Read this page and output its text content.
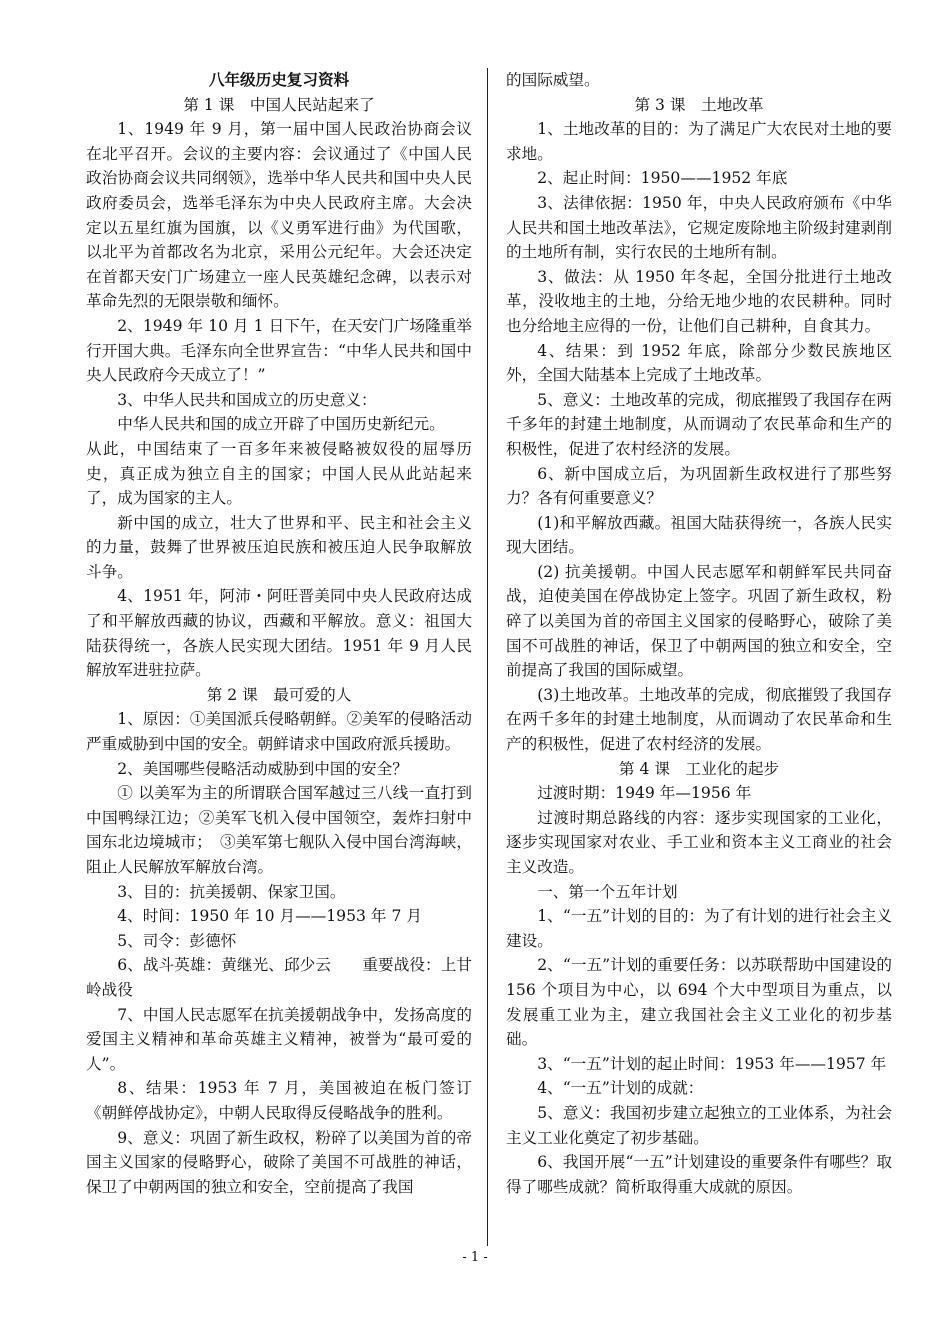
八年级历史复习资料

第 1 课　中国人民站起来了

1、1949 年 9 月，第一届中国人民政治协商会议在北平召开。会议的主要内容：会议通过了《中国人民政治协商会议共同纲领》，选举中华人民共和国中央人民政府委员会，选举毛泽东为中央人民政府主席。大会决定以五星红旗为国旗，以《义勇军进行曲》为代国歌，以北平为首都改名为北京，采用公元纪年。大会还决定在首都天安门广场建立一座人民英雄纪念碑，以表示对革命先烈的无限崇敬和缅怀。

2、1949 年 10 月 1 日下午，在天安门广场隆重举行开国大典。毛泽东向全世界宣告：“中华人民共和国中央人民政府今天成立了！”

3、中华人民共和国成立的历史意义：

中华人民共和国的成立开辟了中国历史新纪元。

从此，中国结束了一百多年来被侵略被奴役的屈辱历史，真正成为独立自主的国家；中国人民从此站起来了，成为国家的主人。

新中国的成立，壮大了世界和平、民主和社会主义的力量，鼓舞了世界被压迫民族和被压迫人民争取解放斗争。

4、1951 年，阿沛・阿旺晋美同中央人民政府达成了和平解放西藏的协议，西藏和平解放。意义：祖国大陆获得统一，各族人民实现大团结。1951 年 9 月人民解放军进驻拉萨。

第 2 课　最可爱的人

1、原因：①美国派兵侵略朝鲜。②美军的侵略活动严重威胁到中国的安全。朝鲜请求中国政府派兵援助。

2、美国哪些侵略活动威胁到中国的安全？

① 以美军为主的所谓联合国军越过三八线一直打到中国鸭绿江边；②美军飞机入侵中国领空，轰炸扫射中国东北边境城市；　③美军第七舰队入侵中国台湾海峡，阻止人民解放军解放台湾。

3、目的：抗美援朝、保家卫国。

4、时间：1950 年 10 月——1953 年 7 月

5、司令：彭德怀

6、战斗英雄：黄继光、邱少云　　重要战役：上甘岭战役

7、中国人民志愿军在抗美援朝战争中，发扬高度的爱国主义精神和革命英雄主义精神，被誉为“最可爱的人”。

8、结果：1953 年 7 月，美国被迫在板门签订《朝鲜停战协定》，中朝人民取得反侵略战争的胜利。

9、意义：巩固了新生政权，粉碎了以美国为首的帝国主义国家的侵略野心，破除了美国不可战胜的神话，保卫了中朝两国的独立和安全，空前提高了我国

的国际威望。

第 3 课　土地改革

1、土地改革的目的：为了满足广大农民对土地的要求地。

2、起止时间：1950——1952 年底

3、法律依据：1950 年，中央人民政府颁布《中华人民共和国土地改革法》，它规定废除地主阶级封建剥削的土地所有制，实行农民的土地所有制。

3、做法：从 1950 年冬起，全国分批进行土地改革，没收地主的土地，分给无地少地的农民耕种。同时也分给地主应得的一份，让他们自己耕种，自食其力。

4、结果：到 1952 年底，除部分少数民族地区外，全国大陆基本上完成了土地改革。

5、意义：土地改革的完成，彻底摧毁了我国存在两千多年的封建土地制度，从而调动了农民革命和生产的积极性，促进了农村经济的发展。

6、新中国成立后，为巩固新生政权进行了那些努力？各有何重要意义？

(1)和平解放西藏。祖国大陆获得统一，各族人民实现大团结。

(2) 抗美援朝。中国人民志愿军和朝鲜军民共同奋战，迫使美国在停战协定上签字。巩固了新生政权，粉碎了以美国为首的帝国主义国家的侵略野心，破除了美国不可战胜的神话，保卫了中朝两国的独立和安全，空前提高了我国的国际威望。

(3)土地改革。土地改革的完成，彻底摧毁了我国存在两千多年的封建土地制度，从而调动了农民革命和生产的积极性，促进了农村经济的发展。

第 4 课　工业化的起步

过渡时期：1949 年—1956 年

过渡时期总路线的内容：逐步实现国家的工业化，逐步实现国家对农业、手工业和资本主义工商业的社会主义改造。

一、第一个五年计划

1、“一五”计划的目的：为了有计划的进行社会主义建设。

2、“一五”计划的重要任务：以苏联帮助中国建设的 156 个项目为中心，以 694 个大中型项目为重点，以发展重工业为主，建立我国社会主义工业化的初步基础。

3、“一五”计划的起止时间：1953 年——1957 年

4、“一五”计划的成就：

5、意义：我国初步建立起独立的工业体系，为社会主义工业化奠定了初步基础。

6、我国开展“一五”计划建设的重要条件有哪些？取得了哪些成就？简析取得重大成就的原因。

- 1 -
